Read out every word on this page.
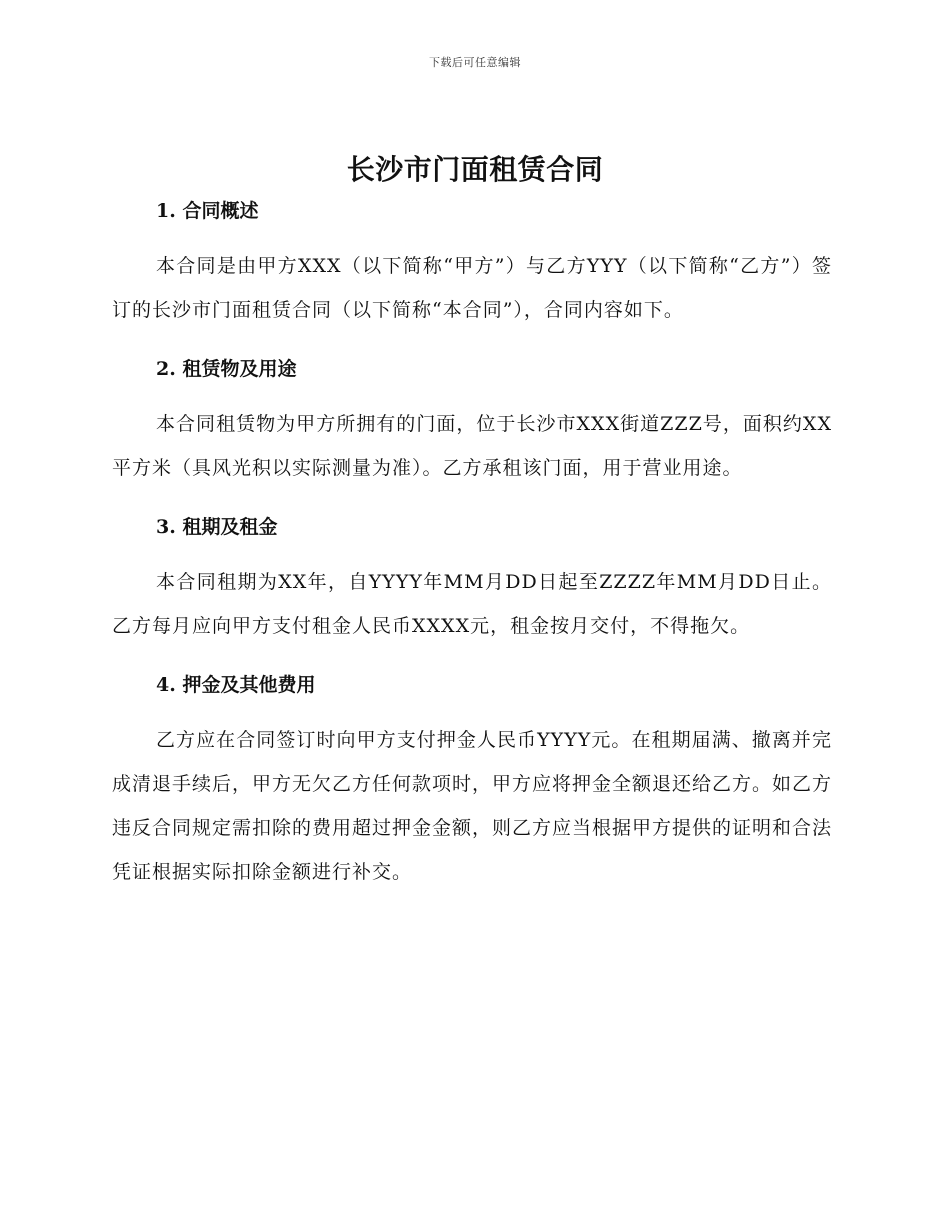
下载后可任意编辑
长沙市门面租赁合同
1. 合同概述

本合同是由甲方XXX（以下简称“甲方”）与乙方YYY（以下简称“乙方”）签订的长沙市门面租赁合同（以下简称“本合同”），合同内容如下。

2. 租赁物及用途

本合同租赁物为甲方所拥有的门面，位于长沙市XXX街道ZZZ号，面积约XX平方米（具风光积以实际测量为准）。乙方承租该门面，用于营业用途。

3. 租期及租金

本合同租期为XX年，自YYYY年MM月DD日起至ZZZZ年MM月DD日止。乙方每月应向甲方支付租金人民币XXXX元，租金按月交付，不得拖欠。

4. 押金及其他费用

乙方应在合同签订时向甲方支付押金人民币YYYY元。在租期届满、撤离并完成清退手续后，甲方无欠乙方任何款项时，甲方应将押金全额退还给乙方。如乙方违反合同规定需扣除的费用超过押金金额，则乙方应当根据甲方提供的证明和合法凭证根据实际扣除金额进行补交。
